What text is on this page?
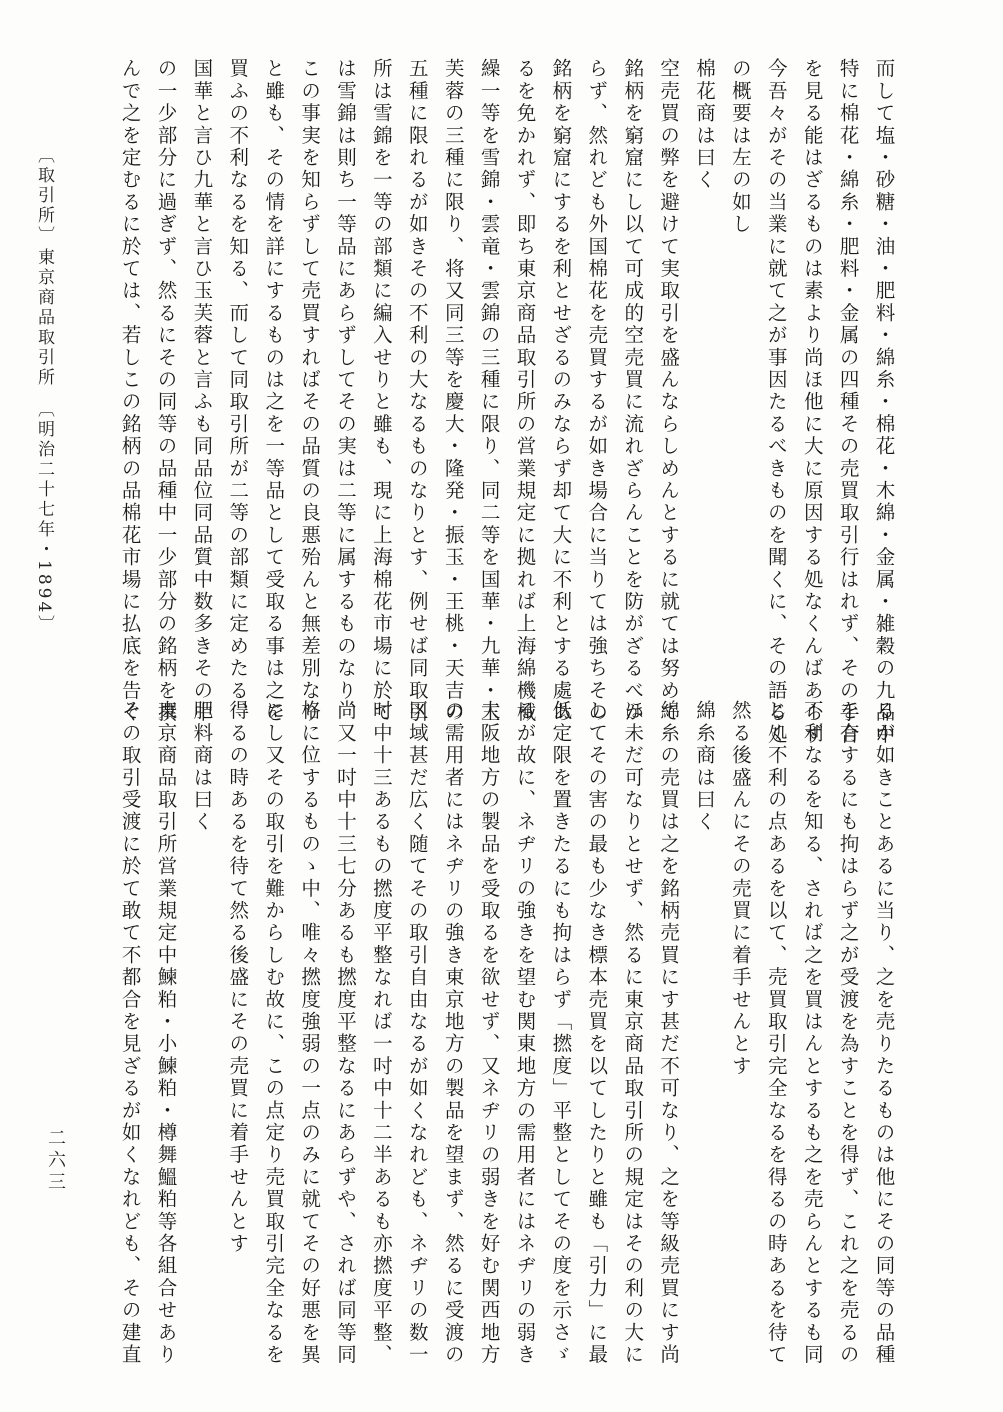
而して塩・砂糖・油・肥料・綿糸・棉花・木綿・金属・雑穀の九品中
特に棉花・綿糸・肥料・金属の四種その売買取引行はれず、その手合
を見る能はざるものは素より尚ほ他に大に原因する処なくんばあらず
今吾々がその当業に就て之が事因たるべきものを聞くに、その語る処
の概要は左の如し
棉花商は曰く
空売買の弊を避けて実取引を盛んならしめんとするに就ては努めて
銘柄を窮窟にし以て可成的空売買に流れざらんことを防がざるべか
らず、然れども外国棉花を売買するが如き場合に当りては強ちその
銘柄を窮窟にするを利とせざるのみならず却て大に不利とする處あ
るを免かれず、即ち東京商品取引所の営業規定に拠れば上海綿機械
繰一等を雪錦・雲竜・雲錦の三種に限り、同二等を国華・九華・玉
芙蓉の三種に限り、将又同三等を慶大・隆発・振玉・王桃・天吉の
五種に限れるが如きその不利の大なるものなりとす、例せば同取引
所は雪錦を一等の部類に編入せりと雖も、現に上海棉花市場に於て
は雪錦は則ち一等品にあらずしてその実は二等に属するものなり、
この事実を知らずして売買すればその品質の良悪殆んと無差別なり
と雖も、その情を詳にするものは之を一等品として受取る事は之を
買ふの不利なるを知る、而して同取引所が二等の部類に定めたる、
国華と言ひ九華と言ひ玉芙蓉と言ふも同品位同品質中数多きその中
の一少部分に過ぎず、然るにその同等の品種中一少部分の銘柄を撰
んで之を定むるに於ては、若しこの銘柄の品棉花市場に払底を告ぐ
るが如きことあるに当り、之を売りたるものは他にその同等の品種
を有するにも拘はらず之が受渡を為すことを得ず、これ之を売るの
不利なるを知る、されば之を買はんとするも之を売らんとするも同
じく不利の点あるを以て、売買取引完全なるを得るの時あるを待て
然る後盛んにその売買に着手せんとす
綿糸商は曰く
綿糸の売買は之を銘柄売買にす甚だ不可なり、之を等級売買にす尚
ほ未だ可なりとせず、然るに東京商品取引所の規定はその利の大に
してその害の最も少なき標本売買を以てしたりと雖も「引力」に最
低定限を置きたるにも拘はらず「撚度」平整としてその度を示さゞ
るが故に、ネヂリの強きを望む関東地方の需用者にはネヂリの弱き
大阪地方の製品を受取るを欲せず、又ネヂリの弱きを好む関西地方
の需用者にはネヂリの強き東京地方の製品を望まず、然るに受渡の
区域甚だ広く随てその取引自由なるが如くなれども、ネヂリの数一
吋中十三あるもの撚度平整なれば一吋中十二半あるも亦撚度平整、
尚又一吋中十三七分あるも撚度平整なるにあらずや、されば同等同
格に位するものゝ中、唯々撚度強弱の一点のみに就てその好悪を異
にし又その取引を難からしむ故に、この点定り売買取引完全なるを
得るの時あるを待て然る後盛にその売買に着手せんとす
肥料商は曰く
東京商品取引所営業規定中鰊粕・小鰊粕・樽舞鰮粕等各組合せあり
その取引受渡に於て敢て不都合を見ざるが如くなれども、その建直
〔取引所〕
東京商品取引所
〔明治二十七年・1894〕
二六三
